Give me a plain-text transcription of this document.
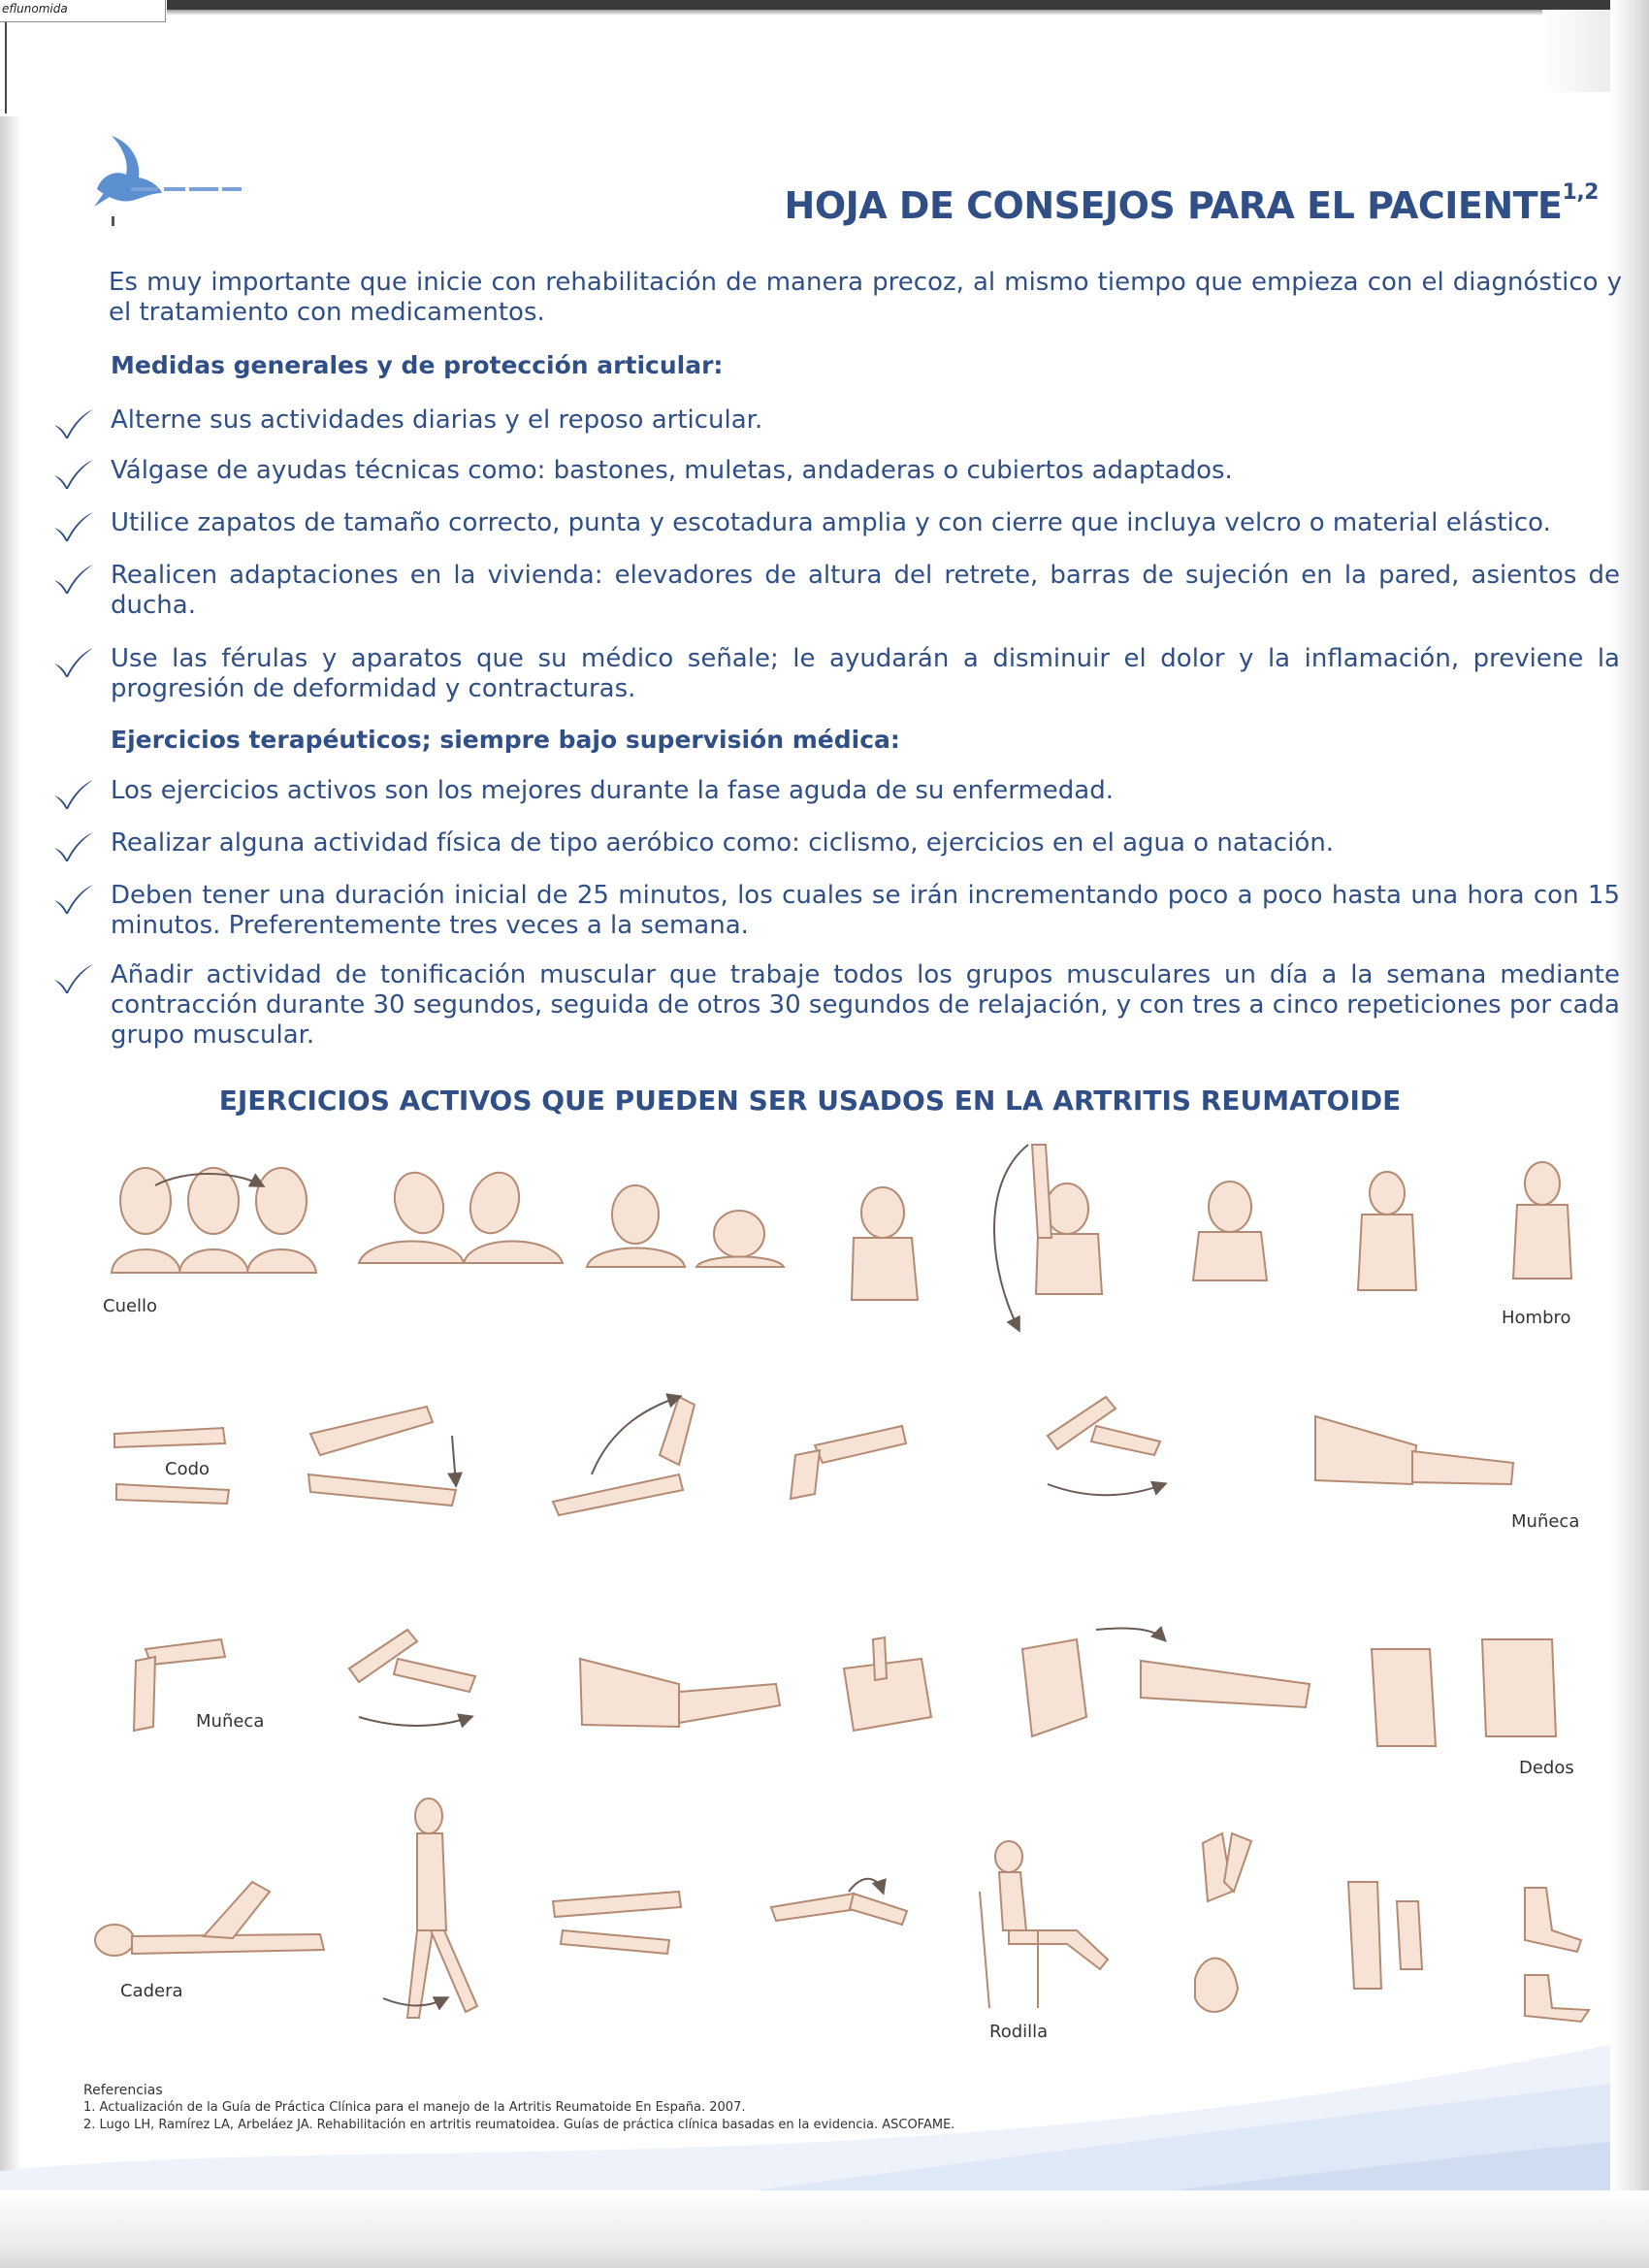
eflunomida
HOJA DE CONSEJOS PARA EL PACIENTE$^{1,2}$
Es muy importante que inicie con rehabilitación de manera precoz, al mismo tiempo que empieza con el diagnóstico y el tratamiento con medicamentos.
Medidas generales y de protección articular:
Alterne sus actividades diarias y el reposo articular.
Válgase de ayudas técnicas como: bastones, muletas, andaderas o cubiertos adaptados.
Utilice zapatos de tamaño correcto, punta y escotadura amplia y con cierre que incluya velcro o material elástico.
Realicen adaptaciones en la vivienda: elevadores de altura del retrete, barras de sujeción en la pared, asientos de ducha.
Use las férulas y aparatos que su médico señale; le ayudarán a disminuir el dolor y la inflamación, previene la progresión de deformidad y contracturas.
Ejercicios terapéuticos; siempre bajo supervisión médica:
Los ejercicios activos son los mejores durante la fase aguda de su enfermedad.
Realizar alguna actividad física de tipo aeróbico como: ciclismo, ejercicios en el agua o natación.
Deben tener una duración inicial de 25 minutos, los cuales se irán incrementando poco a poco hasta una hora con 15 minutos. Preferentemente tres veces a la semana.
Añadir actividad de tonificación muscular que trabaje todos los grupos musculares un día a la semana mediante contracción durante 30 segundos, seguida de otros 30 segundos de relajación, y con tres a cinco repeticiones por cada grupo muscular.
EJERCICIOS ACTIVOS QUE PUEDEN SER USADOS EN LA ARTRITIS REUMATOIDE
Cuello
Hombro
Codo
Muñeca
Muñeca
Dedos
Cadera
Rodilla
Referencias
1. Actualización de la Guía de Práctica Clínica para el manejo de la Artritis Reumatoide En España. 2007.
2. Lugo LH, Ramírez LA, Arbeláez JA. Rehabilitación en artritis reumatoidea. Guías de práctica clínica basadas en la evidencia. ASCOFAME.
